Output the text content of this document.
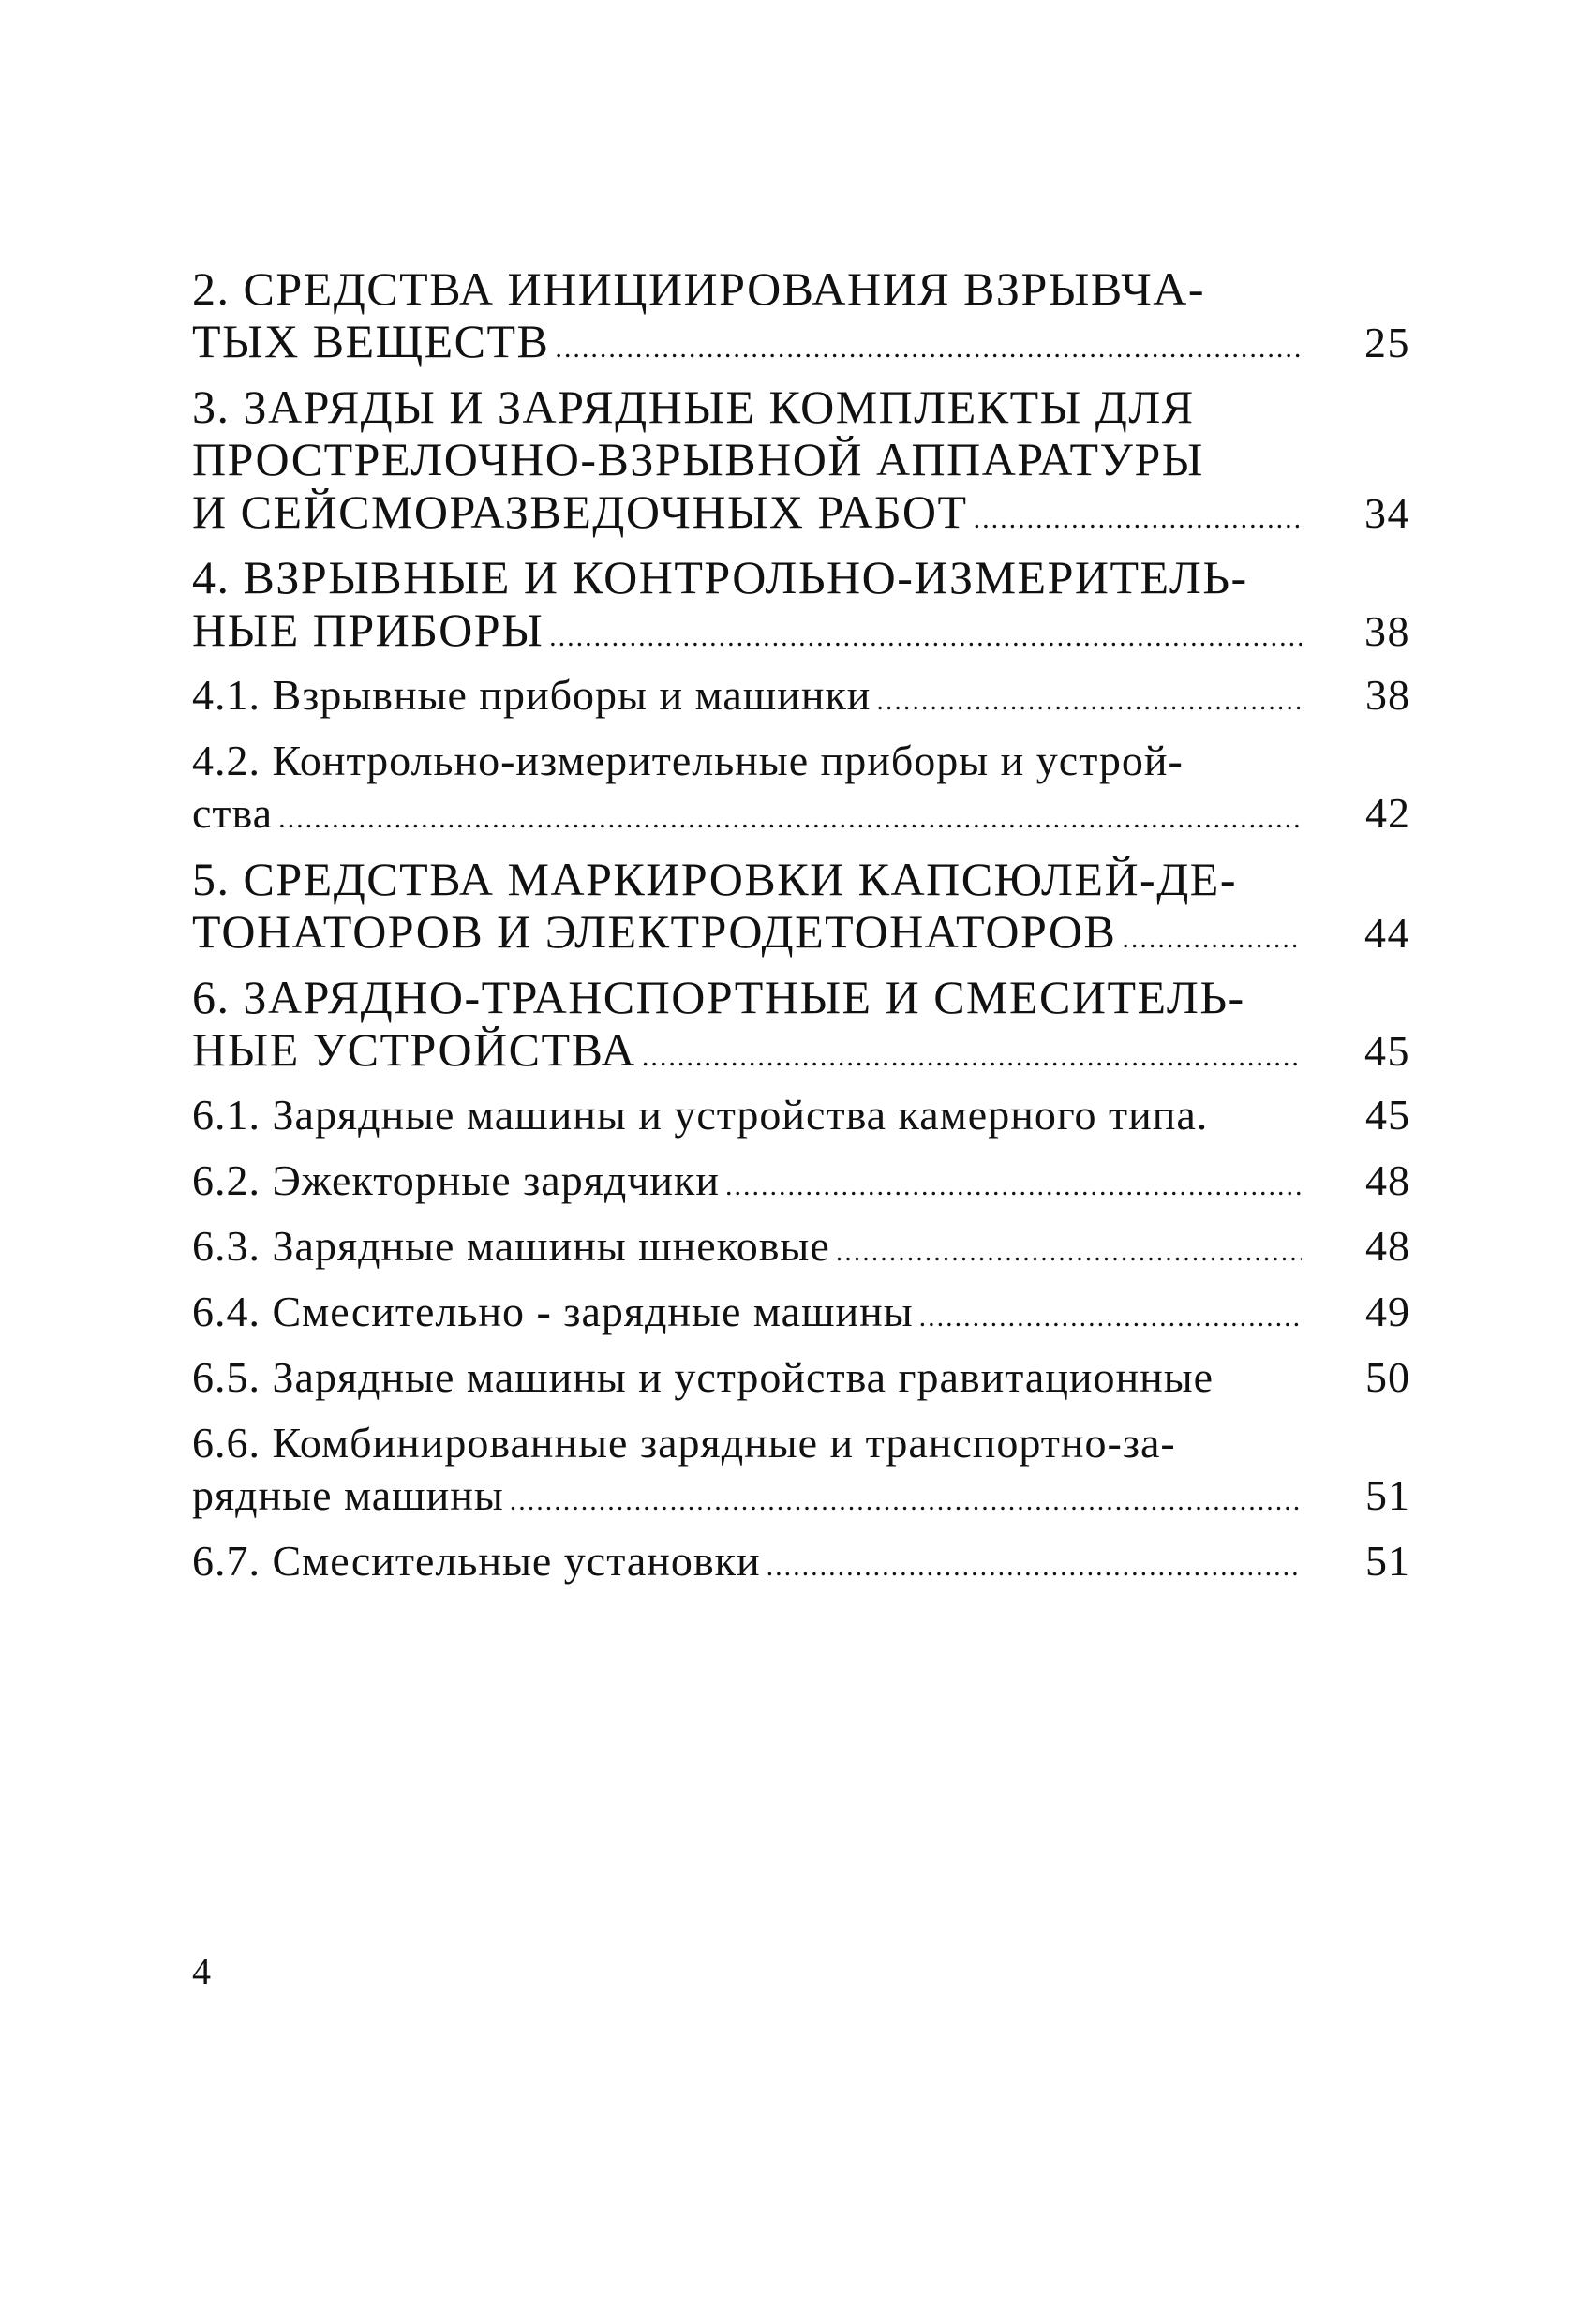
2. СРЕДСТВА ИНИЦИИРОВАНИЯ ВЗРЫВЧА-
ТЫХ ВЕЩЕСТВ .....	25
3. ЗАРЯДЫ И ЗАРЯДНЫЕ КОМПЛЕКТЫ ДЛЯ
ПРОСТРЕЛОЧНО-ВЗРЫВНОЙ АППАРАТУРЫ
И СЕЙСМОРАЗВЕДОЧНЫХ РАБОТ .....	34
4. ВЗРЫВНЫЕ И КОНТРОЛЬНО-ИЗМЕРИТЕЛЬ-
НЫЕ ПРИБОРЫ .....	38
4.1. Взрывные приборы и машинки .....	38
4.2. Контрольно-измерительные приборы и устрой-
ства .....	42
5. СРЕДСТВА МАРКИРОВКИ КАПСЮЛЕЙ-ДЕ-
ТОНАТОРОВ И ЭЛЕКТРОДЕТОНАТОРОВ .....	44
6. ЗАРЯДНО-ТРАНСПОРТНЫЕ И СМЕСИТЕЛЬ-
НЫЕ УСТРОЙСТВА .....	45
6.1. Зарядные машины и устройства камерного типа.	45
6.2. Эжекторные зарядчики .....	48
6.3. Зарядные машины шнековые .....	48
6.4. Смесительно - зарядные машины .....	49
6.5. Зарядные машины и устройства гравитационные	50
6.6. Комбинированные зарядные и транспортно-за-
рядные машины .....	51
6.7. Смесительные установки .....	51
4
